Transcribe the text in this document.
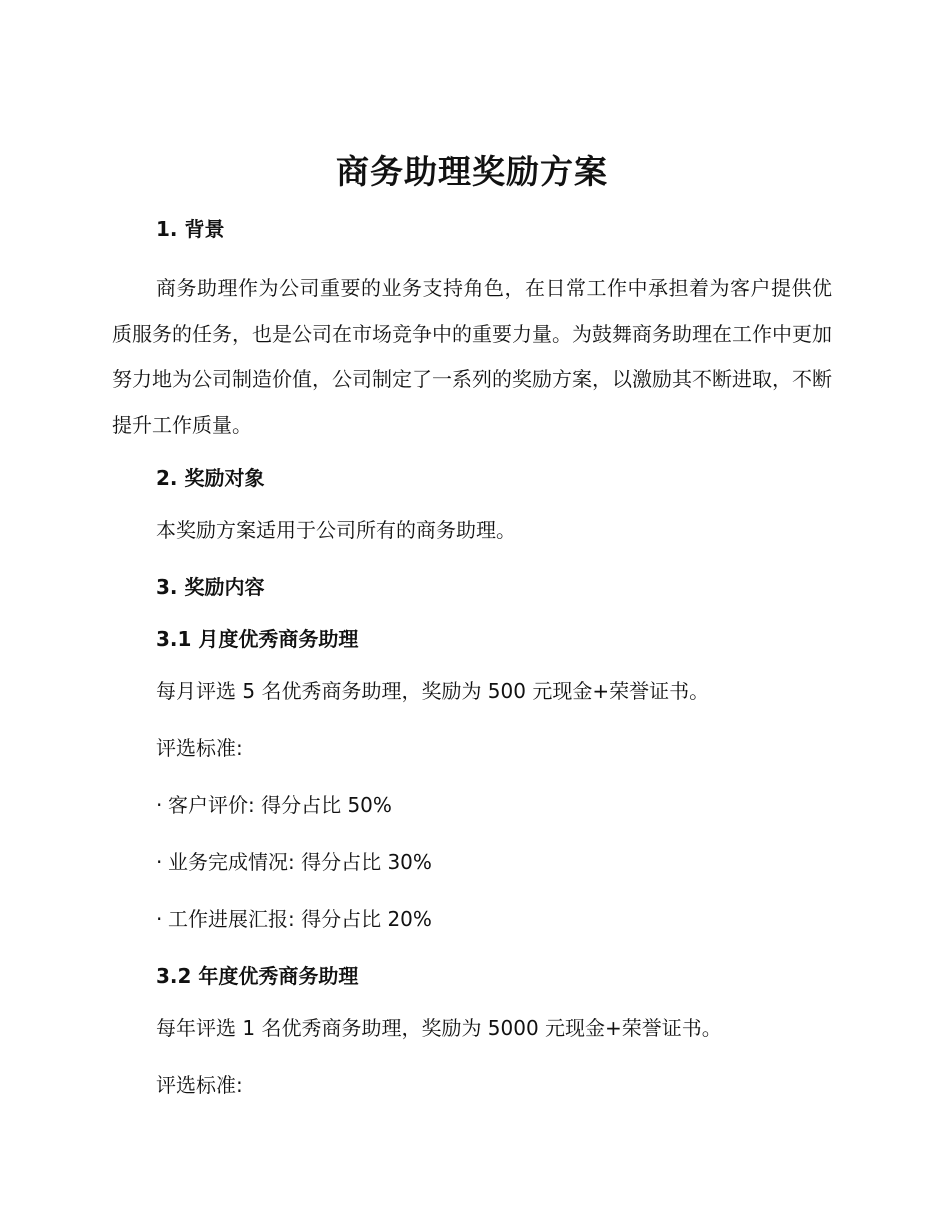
商务助理奖励方案
1. 背景

商务助理作为公司重要的业务支持角色，在日常工作中承担着为客户提供优质服务的任务，也是公司在市场竞争中的重要力量。为鼓舞商务助理在工作中更加努力地为公司制造价值，公司制定了一系列的奖励方案，以激励其不断进取，不断提升工作质量。

2. 奖励对象
本奖励方案适用于公司所有的商务助理。
3. 奖励内容
3.1 月度优秀商务助理
每月评选 5 名优秀商务助理，奖励为 500 元现金+荣誉证书。
评选标准:
· 客户评价: 得分占比 50%
· 业务完成情况: 得分占比 30%
· 工作进展汇报: 得分占比 20%
3.2 年度优秀商务助理
每年评选 1 名优秀商务助理，奖励为 5000 元现金+荣誉证书。
评选标准:
